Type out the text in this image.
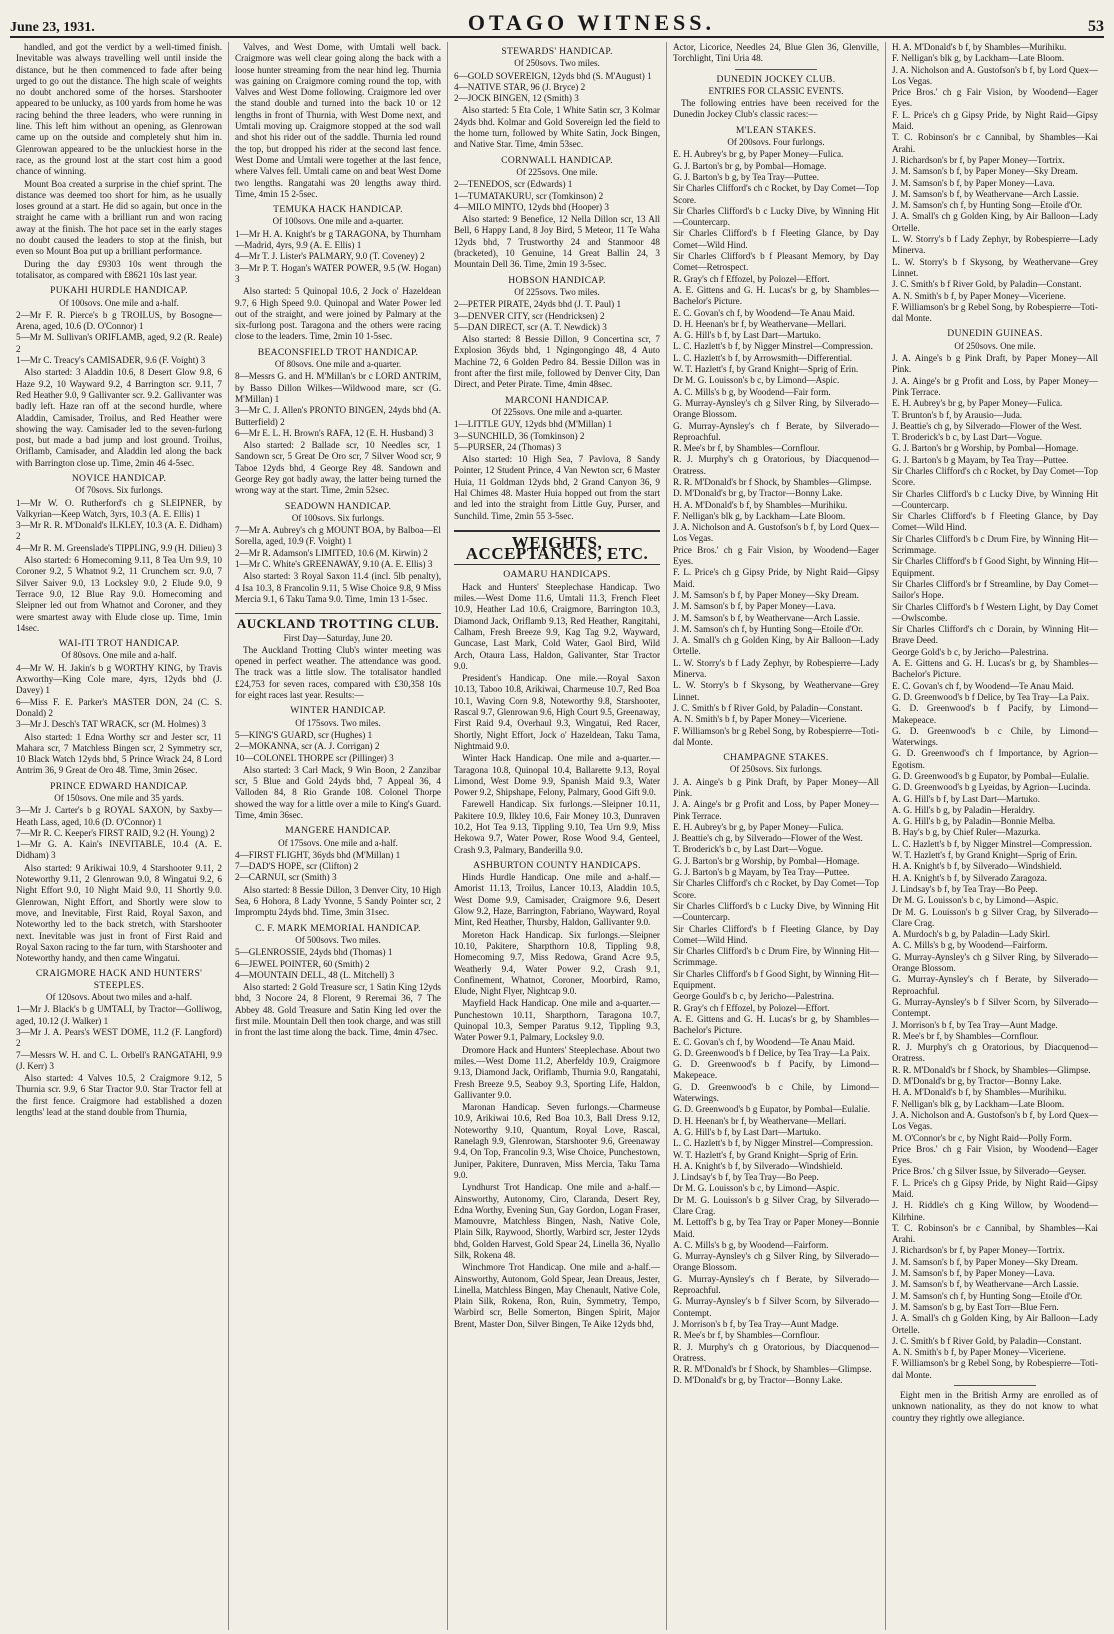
June 23, 1931.	OTAGO WITNESS.	53

handled, and got the verdict by a well-timed finish. Inevitable was always travelling well until inside the distance, but he then commenced to fade after being urged to go out the distance. The high scale of weights no doubt anchored some of the horses. Starshooter appeared to be unlucky, as 100 yards from home he was racing behind the three leaders, who were running in line. This left him without an opening, as Glenrowan came up on the outside and completely shut him in. Glenrowan appeared to be the unluckiest horse in the race, as the ground lost at the start cost him a good chance of winning.

Mount Boa created a surprise in the chief sprint. The distance was deemed too short for him, as he usually loses ground at a start. He did so again, but once in the straight he came with a brilliant run and won racing away at the finish. The hot pace set in the early stages no doubt caused the leaders to stop at the finish, but even so Mount Boa put up a brilliant performance.

During the day £9303 10s went through the totalisator, as compared with £8621 10s last year.

PUKAHI HURDLE HANDICAP.
Of 100sovs. One mile and a-half.

2—Mr F. R. Pierce's b g TROILUS, by Bosogne—Arena, aged, 10.6 (D. O'Connor) 1
5—Mr M. Sullivan's ORIFLAMB, aged, 9.2 (R. Reale) 2
1—Mr C. Treacy's CAMISADER, 9.6 (F. Voight) 3

Also started: 3 Aladdin 10.6, 8 Desert Glow 9.8, 6 Haze 9.2, 10 Wayward 9.2, 4 Barrington scr. 9.11, 7 Red Heather 9.0, 9 Gallivanter scr. 9.2. Gallivanter was badly left. Haze ran off at the second hurdle, where Aladdin, Camisader, Troilus, and Red Heather were showing the way. Camisader led to the seven-furlong post, but made a bad jump and lost ground. Troilus, Oriflamb, Camisader, and Aladdin led along the back with Barrington close up. Time, 2min 46 4-5sec.

NOVICE HANDICAP.
Of 70sovs. Six furlongs.

1—Mr W. O. Rutherford's ch g SLEIPNER, by Valkyrian—Keep Watch, 3yrs, 10.3 (A. E. Ellis) 1
3—Mr R. R. M'Donald's ILKLEY, 10.3 (A. E. Didham) 2
4—Mr R. M. Greenslade's TIPPLING, 9.9 (H. Dilieu) 3

Also started: 6 Homecoming 9.11, 8 Tea Urn 9.9, 10 Coroner 9.2, 5 Whatnot 9.2, 11 Crunchem scr. 9.0, 7 Silver Saiver 9.0, 13 Locksley 9.0, 2 Elude 9.0, 9 Terrace 9.0, 12 Blue Ray 9.0. Homecoming and Sleipner led out from Whatnot and Coroner, and they were smartest away with Elude close up. Time, 1min 14sec.

WAI-ITI TROT HANDICAP.
Of 80sovs. One mile and a-half.

4—Mr W. H. Jakin's b g WORTHY KING, by Travis Axworthy—King Cole mare, 4yrs, 12yds bhd (J. Davey) 1
6—Miss F. E. Parker's MASTER DON, 24 (C. S. Donald) 2
3—Mr J. Desch's TAT WRACK, scr (M. Holmes) 3

Also started: 1 Edna Worthy scr and Jester scr, 11 Mahara scr, 7 Matchless Bingen scr, 2 Symmetry scr, 10 Black Watch 12yds bhd, 5 Prince Wrack 24, 8 Lord Antrim 36, 9 Great de Oro 48. Time, 3min 26sec.

PRINCE EDWARD HANDICAP.
Of 150sovs. One mile and 35 yards.

3—Mr J. Carter's b g ROYAL SAXON, by Saxby—Heath Lass, aged, 10.6 (D. O'Connor) 1
7—Mr R. C. Keeper's FIRST RAID, 9.2 (H. Young) 2
1—Mr G. A. Kain's INEVITABLE, 10.4 (A. E. Didham) 3

Also started: 9 Arikiwai 10.9, 4 Starshooter 9.11, 2 Noteworthy 9.11, 2 Glenrowan 9.0, 8 Wingatui 9.2, 6 Night Effort 9.0, 10 Night Maid 9.0, 11 Shortly 9.0. Glenrowan, Night Effort, and Shortly were slow to move, and Inevitable, First Raid, Royal Saxon, and Noteworthy led to the back stretch, with Starshooter next. Inevitable was just in front of First Raid and Royal Saxon racing to the far turn, with Starshooter and Noteworthy handy, and then came Wingatui.

CRAIGMORE HACK AND HUNTERS' STEEPLES.
Of 120sovs. About two miles and a-half.

1—Mr J. Black's b g UMTALI, by Tractor—Golliwog, aged, 10.12 (J. Walker) 1
3—Mr J. A. Pears's WEST DOME, 11.2 (F. Langford) 2
7—Messrs W. H. and C. L. Orbell's RANGATAHI, 9.9 (J. Kerr) 3

Also started: 4 Valves 10.5, 2 Craigmore 9.12, 5 Thurnia scr. 9.9, 6 Star Tractor 9.0. Star Tractor fell at the first fence. Craigmore had established a dozen lengths' lead at the stand double from Thurnia,

Valves, and West Dome, with Umtali well back. Craigmore was well clear going along the back with a loose hunter streaming from the near hind leg. Thurnia was gaining on Craigmore coming round the top, with Valves and West Dome following. Craigmore led over the stand double and turned into the back 10 or 12 lengths in front of Thurnia, with West Dome next, and Umtali moving up. Craigmore stopped at the sod wall and shot his rider out of the saddle. Thurnia led round the top, but dropped his rider at the second last fence. West Dome and Umtali were together at the last fence, where Valves fell. Umtali came on and beat West Dome two lengths. Rangatahi was 20 lengths away third. Time, 4min 15 2-5sec.

TEMUKA HACK HANDICAP.
Of 100sovs. One mile and a-quarter.

1—Mr H. A. Knight's br g TARAGONA, by Thurnham—Madrid, 4yrs, 9.9 (A. E. Ellis) 1
4—Mr T. J. Lister's PALMARY, 9.0 (T. Coveney) 2
3—Mr P. T. Hogan's WATER POWER, 9.5 (W. Hogan) 3

Also started: 5 Quinopal 10.6, 2 Jock o' Hazeldean 9.7, 6 High Speed 9.0. Quinopal and Water Power led out of the straight, and were joined by Palmary at the six-furlong post. Taragona and the others were racing close to the leaders. Time, 2min 10 1-5sec.

BEACONSFIELD TROT HANDICAP.
Of 80sovs. One mile and a-quarter.

8—Messrs G. and H. M'Millan's br c LORD ANTRIM, by Basso Dillon Wilkes—Wildwood mare, scr (G. M'Millan) 1
3—Mr C. J. Allen's PRONTO BINGEN, 24yds bhd (A. Butterfield) 2
6—Mr E. L. H. Brown's RAFA, 12 (E. H. Husband) 3

Also started: 2 Ballade scr, 10 Needles scr, 1 Sandown scr, 5 Great De Oro scr, 7 Silver Wood scr, 9 Taboe 12yds bhd, 4 George Rey 48. Sandown and George Rey got badly away, the latter being turned the wrong way at the start. Time, 2min 52sec.

SEADOWN HANDICAP.
Of 100sovs. Six furlongs.

7—Mr A. Aubrey's ch g MOUNT BOA, by Balboa—El Sorella, aged, 10.9 (F. Voight) 1
2—Mr R. Adamson's LIMITED, 10.6 (M. Kirwin) 2
1—Mr C. White's GREENAWAY, 9.10 (A. E. Ellis) 3

Also started: 3 Royal Saxon 11.4 (incl. 5lb penalty), 4 Isa 10.3, 8 Francolin 9.11, 5 Wise Choice 9.8, 9 Miss Mercia 9.1, 6 Taku Tama 9.0. Time, 1min 13 1-5sec.

AUCKLAND TROTTING CLUB.
First Day—Saturday, June 20.

The Auckland Trotting Club's winter meeting was opened in perfect weather. The attendance was good. The track was a little slow. The totalisator handled £24,753 for seven races, compared with £30,358 10s for eight races last year. Results:—

WINTER HANDICAP.
Of 175sovs. Two miles.

5—KING'S GUARD, scr (Hughes) 1
2—MOKANNA, scr (A. J. Corrigan) 2
10—COLONEL THORPE scr (Pillinger) 3

Also started: 3 Carl Mack, 9 Win Boon, 2 Zanzibar scr, 5 Blue and Gold 24yds bhd, 7 Appeal 36, 4 Valloden 84, 8 Rio Grande 108. Colonel Thorpe showed the way for a little over a mile to King's Guard. Time, 4min 36sec.

MANGERE HANDICAP.
Of 175sovs. One mile and a-half.

4—FIRST FLIGHT, 36yds bhd (M'Millan) 1
7—DAD'S HOPE, scr (Clifton) 2
2—CARNUI, scr (Smith) 3

Also started: 8 Bessie Dillon, 3 Denver City, 10 High Sea, 6 Hohora, 8 Lady Yvonne, 5 Sandy Pointer scr, 2 Impromptu 24yds bhd. Time, 3min 31sec.

C. F. MARK MEMORIAL HANDICAP.
Of 500sovs. Two miles.

5—GLENROSSIE, 24yds bhd (Thomas) 1
6—JEWEL POINTER, 60 (Smith) 2
4—MOUNTAIN DELL, 48 (L. Mitchell) 3

Also started: 2 Gold Treasure scr, 1 Satin King 12yds bhd, 3 Nocore 24, 8 Florent, 9 Reremai 36, 7 The Abbey 48. Gold Treasure and Satin King led over the first mile. Mountain Dell then took charge, and was still in front the last time along the back. Time, 4min 47sec.

STEWARDS' HANDICAP.
Of 250sovs. Two miles.

6—GOLD SOVEREIGN, 12yds bhd (S. M'August) 1
4—NATIVE STAR, 96 (J. Bryce) 2
2—JOCK BINGEN, 12 (Smith) 3

Also started: 5 Eta Cole, 1 White Satin scr, 3 Kolmar 24yds bhd. Kolmar and Gold Sovereign led the field to the home turn, followed by White Satin, Jock Bingen, and Native Star. Time, 4min 53sec.

CORNWALL HANDICAP.
Of 225sovs. One mile.

2—TENEDOS, scr (Edwards) 1
1—TUMATAKURU, scr (Tomkinson) 2
4—MILO MINTO, 12yds bhd (Hooper) 3

Also started: 9 Benefice, 12 Nella Dillon scr, 13 All Bell, 6 Happy Land, 8 Joy Bird, 5 Meteor, 11 Te Waha 12yds bhd, 7 Trustworthy 24 and Stanmoor 48 (bracketed), 10 Genuine, 14 Great Ballin 24, 3 Mountain Dell 36. Time, 2min 19 3-5sec.

HOBSON HANDICAP.
Of 225sovs. Two miles.

2—PETER PIRATE, 24yds bhd (J. T. Paul) 1
3—DENVER CITY, scr (Hendricksen) 2
5—DAN DIRECT, scr (A. T. Newdick) 3

Also started: 8 Bessie Dillon, 9 Concertina scr, 7 Explosion 36yds bhd, 1 Ngingongingo 48, 4 Auto Machine 72, 6 Golden Pedro 84. Bessie Dillon was in front after the first mile, followed by Denver City, Dan Direct, and Peter Pirate. Time, 4min 48sec.

MARCONI HANDICAP.
Of 225sovs. One mile and a-quarter.

1—LITTLE GUY, 12yds bhd (M'Millan) 1
3—SUNCHILD, 36 (Tomkinson) 2
5—PURSER, 24 (Thomas) 3

Also started: 10 High Sea, 7 Pavlova, 8 Sandy Pointer, 12 Student Prince, 4 Van Newton scr, 6 Master Huia, 11 Goldman 12yds bhd, 2 Grand Canyon 36, 9 Hal Chimes 48. Master Huia hopped out from the start and led into the straight from Little Guy, Purser, and Sunchild. Time, 2min 55 3-5sec.

WEIGHTS, ACCEPTANCES, ETC.
OAMARU HANDICAPS.

Hack and Hunters' Steeplechase Handicap. Two miles.—West Dome 11.6, Umtali 11.3, French Fleet 10.9, Heather Lad 10.6, Craigmore, Barrington 10.3, Diamond Jack, Oriflamb 9.13, Red Heather, Rangitahi, Calham, Fresh Breeze 9.9, Kag Tag 9.2, Wayward, Guncase, Last Mark, Cold Water, Gaol Bird, Wild Arch, Otaura Lass, Haldon, Galivanter, Star Tractor 9.0.

President's Handicap. One mile.—Royal Saxon 10.13, Taboo 10.8, Arikiwai, Charmeuse 10.7, Red Boa 10.1, Waving Corn 9.8, Noteworthy 9.8, Starshooter, Rascal 9.7, Glenrowan 9.6, High Court 9.5, Greenaway, First Raid 9.4, Overhaul 9.3, Wingatui, Red Racer, Shortly, Night Effort, Jock o' Hazeldean, Taku Tama, Nightmaid 9.0.

Winter Hack Handicap. One mile and a-quarter.—Taragona 10.8, Quinopal 10.4, Ballarette 9.13, Royal Limond, West Dome 9.9, Spanish Maid 9.3, Water Power 9.2, Shipshape, Felony, Palmary, Good Gift 9.0.

Farewell Handicap. Six furlongs.—Sleipner 10.11, Pakitere 10.9, Ilkley 10.6, Fair Money 10.3, Dunraven 10.2, Hot Tea 9.13, Tippling 9.10, Tea Urn 9.9, Miss Hekowa 9.7, Water Power, Rose Wood 9.4, Genteel, Crash 9.3, Palmary, Banderilla 9.0.

ASHBURTON COUNTY HANDICAPS.

Hinds Hurdle Handicap. One mile and a-half.—Amorist 11.13, Troilus, Lancer 10.13, Aladdin 10.5, West Dome 9.9, Camisader, Craigmore 9.6, Desert Glow 9.2, Haze, Barrington, Fabriano, Wayward, Royal Mint, Red Heather, Thursby, Haldon, Gallivanter 9.0.

Moreton Hack Handicap. Six furlongs.—Sleipner 10.10, Pakitere, Sharpthorn 10.8, Tippling 9.8, Homecoming 9.7, Miss Redowa, Grand Acre 9.5, Weatherly 9.4, Water Power 9.2, Crash 9.1, Confinement, Whatnot, Coroner, Moorbird, Ramo, Elude, Night Flyer, Nightcap 9.0.

Mayfield Hack Handicap. One mile and a-quarter.—Punchestown 10.11, Sharpthorn, Taragona 10.7, Quinopal 10.3, Semper Paratus 9.12, Tippling 9.3, Water Power 9.1, Palmary, Locksley 9.0.

Dromore Hack and Hunters' Steeplechase. About two miles.—West Dome 11.2, Aberfeldy 10.9, Craigmore 9.13, Diamond Jack, Oriflamb, Thurnia 9.0, Rangatahi, Fresh Breeze 9.5, Seaboy 9.3, Sporting Life, Haldon, Gallivanter 9.0.

Maronan Handicap. Seven furlongs.—Charmeuse 10.9, Arikiwai 10.6, Red Boa 10.3, Ball Dress 9.12, Noteworthy 9.10, Quantum, Royal Love, Rascal, Ranelagh 9.9, Glenrowan, Starshooter 9.6, Greenaway 9.4, On Top, Francolin 9.3, Wise Choice, Punchestown, Juniper, Pakitere, Dunraven, Miss Mercia, Taku Tama 9.0.

Lyndhurst Trot Handicap. One mile and a-half.—Ainsworthy, Autonomy, Ciro, Claranda, Desert Rey, Edna Worthy, Evening Sun, Gay Gordon, Logan Fraser, Mamouvre, Matchless Bingen, Nash, Native Cole, Plain Silk, Raywood, Shortly, Warbird scr, Jester 12yds bhd, Golden Harvest, Gold Spear 24, Linella 36, Nyallo Silk, Rokena 48.

Winchmore Trot Handicap. One mile and a-half.—Ainsworthy, Autonom, Gold Spear, Jean Dreaus, Jester, Linella, Matchless Bingen, May Chenault, Native Cole, Plain Silk, Rokena, Ron, Ruin, Symmetry, Tempo, Warbird scr, Belle Somerton, Bingen Spirit, Major Brent, Master Don, Silver Bingen, Te Aike 12yds bhd,

Actor, Licorice, Needles 24, Blue Glen 36, Glenville, Torchlight, Tini Uria 48.

DUNEDIN JOCKEY CLUB.
ENTRIES FOR CLASSIC EVENTS.

The following entries have been received for the Dunedin Jockey Club's classic races:—

M'LEAN STAKES.
Of 200sovs. Four furlongs.

E. H. Aubrey's br g, by Paper Money—Fulica.
G. J. Barton's br g, by Pombal—Homage.
G. J. Barton's b g, by Tea Tray—Puttee.
Sir Charles Clifford's ch c Rocket, by Day Comet—Top Score.
Sir Charles Clifford's b c Lucky Dive, by Winning Hit—Countercarp.
Sir Charles Clifford's b f Fleeting Glance, by Day Comet—Wild Hind.
Sir Charles Clifford's b f Pleasant Memory, by Day Comet—Retrospect.
R. Gray's ch f Effozel, by Polozel—Effort.
A. E. Gittens and G. H. Lucas's br g, by Shambles—Bachelor's Picture.
E. C. Govan's ch f, by Woodend—Te Anau Maid.
D. H. Heenan's br f, by Weathervane—Mellari.
A. G. Hill's b f, by Last Dart—Martuko.
L. C. Hazlett's b f, by Nigger Minstrel—Compression.
L. C. Hazlett's b f, by Arrowsmith—Differential.
W. T. Hazlett's f, by Grand Knight—Sprig of Erin.
Dr M. G. Louisson's b c, by Limond—Aspic.
A. C. Mills's b g, by Woodend—Fair form.
G. Murray-Aynsley's ch g Silver Ring, by Silverado—Orange Blossom.
G. Murray-Aynsley's ch f Berate, by Silverado—Reproachful.
R. Mee's br f, by Shambles—Cornflour.
R. J. Murphy's ch g Oratorious, by Diacquenod—Oratress.
R. R. M'Donald's br f Shock, by Shambles—Glimpse.
D. M'Donald's br g, by Tractor—Bonny Lake.
H. A. M'Donald's b f, by Shambles—Murihiku.
F. Nelligan's blk g, by Lackham—Late Bloom.
J. A. Nicholson and A. Gustofson's b f, by Lord Quex—Los Vegas.
Price Bros.' ch g Fair Vision, by Woodend—Eager Eyes.
F. L. Price's ch g Gipsy Pride, by Night Raid—Gipsy Maid.
J. M. Samson's b f, by Paper Money—Sky Dream.
J. M. Samson's b f, by Paper Money—Lava.
J. M. Samson's b f, by Weathervane—Arch Lassie.
J. M. Samson's ch f, by Hunting Song—Etoile d'Or.
J. A. Small's ch g Golden King, by Air Balloon—Lady Ortelle.
L. W. Storry's b f Lady Zephyr, by Robespierre—Lady Minerva.
L. W. Storry's b f Skysong, by Weathervane—Grey Linnet.
J. C. Smith's b f River Gold, by Paladin—Constant.
A. N. Smith's b f, by Paper Money—Viceriene.
F. Williamson's br g Rebel Song, by Robespierre—Toti-dal Monte.

CHAMPAGNE STAKES.
Of 250sovs. Six furlongs.

J. A. Ainge's b g Pink Draft, by Paper Money—All Pink.
J. A. Ainge's br g Profit and Loss, by Paper Money—Pink Terrace.
E. H. Aubrey's br g, by Paper Money—Fulica.
J. Beattie's ch g, by Silverado—Flower of the West.
T. Broderick's b c, by Last Dart—Vogue.
G. J. Barton's br g Worship, by Pombal—Homage.
G. J. Barton's b g Mayam, by Tea Tray—Puttee.
Sir Charles Clifford's ch c Rocket, by Day Comet—Top Score.
Sir Charles Clifford's b c Lucky Dive, by Winning Hit—Countercarp.
Sir Charles Clifford's b f Fleeting Glance, by Day Comet—Wild Hind.
Sir Charles Clifford's b c Drum Fire, by Winning Hit—Scrimmage.
Sir Charles Clifford's b f Good Sight, by Winning Hit—Equipment.
George Gould's b c, by Jericho—Palestrina.
R. Gray's ch f Effozel, by Polozel—Effort.
A. E. Gittens and G. H. Lucas's br g, by Shambles—Bachelor's Picture.
E. C. Govan's ch f, by Woodend—Te Anau Maid.
G. D. Greenwood's b f Delice, by Tea Tray—La Paix.
G. D. Greenwood's b f Pacify, by Limond—Makepeace.
G. D. Greenwood's b c Chile, by Limond—Waterwings.
G. D. Greenwood's b g Eupator, by Pombal—Eulalie.
D. H. Heenan's br f, by Weathervane—Mellari.
A. G. Hill's b f, by Last Dart—Martuko.
L. C. Hazlett's b f, by Nigger Minstrel—Compression.
W. T. Hazlett's f, by Grand Knight—Sprig of Erin.
H. A. Knight's b f, by Silverado—Windshield.
J. Lindsay's b f, by Tea Tray—Bo Peep.
Dr M. G. Louisson's b c, by Limond—Aspic.
Dr M. G. Louisson's b g Silver Crag, by Silverado—Clare Crag.
M. Lettoff's b g, by Tea Tray or Paper Money—Bonnie Maid.
A. C. Mills's b g, by Woodend—Fairform.
G. Murray-Aynsley's ch g Silver Ring, by Silverado—Orange Blossom.
G. Murray-Aynsley's ch f Berate, by Silverado—Reproachful.
G. Murray-Aynsley's b f Silver Scorn, by Silverado—Contempt.
J. Morrison's b f, by Tea Tray—Aunt Madge.
R. Mee's br f, by Shambles—Cornflour.
R. J. Murphy's ch g Oratorious, by Diacquenod—Oratress.
R. R. M'Donald's br f Shock, by Shambles—Glimpse.
D. M'Donald's br g, by Tractor—Bonny Lake.

H. A. M'Donald's b f, by Shambles—Murihiku.
F. Nelligan's blk g, by Lackham—Late Bloom.
J. A. Nicholson and A. Gustofson's b f, by Lord Quex—Los Vegas.
Price Bros.' ch g Fair Vision, by Woodend—Eager Eyes.
F. L. Price's ch g Gipsy Pride, by Night Raid—Gipsy Maid.
T. C. Robinson's br c Cannibal, by Shambles—Kai Arahi.
J. Richardson's br f, by Paper Money—Tortrix.
J. M. Samson's b f, by Paper Money—Sky Dream.
J. M. Samson's b f, by Paper Money—Lava.
J. M. Samson's b f, by Weathervane—Arch Lassie.
J. M. Samson's ch f, by Hunting Song—Etoile d'Or.
J. A. Small's ch g Golden King, by Air Balloon—Lady Ortelle.
L. W. Storry's b f Lady Zephyr, by Robespierre—Lady Minerva.
L. W. Storry's b f Skysong, by Weathervane—Grey Linnet.
J. C. Smith's b f River Gold, by Paladin—Constant.
A. N. Smith's b f, by Paper Money—Viceriene.
F. Williamson's br g Rebel Song, by Robespierre—Toti-dal Monte.

DUNEDIN GUINEAS.
Of 250sovs. One mile.

J. A. Ainge's b g Pink Draft, by Paper Money—All Pink.
J. A. Ainge's br g Profit and Loss, by Paper Money—Pink Terrace.
E. H. Aubrey's br g, by Paper Money—Fulica.
T. Brunton's b f, by Arausio—Juda.
J. Beattie's ch g, by Silverado—Flower of the West.
T. Broderick's b c, by Last Dart—Vogue.
G. J. Barton's br g Worship, by Pombal—Homage.
G. J. Barton's b g Mayam, by Tea Tray—Puttee.
Sir Charles Clifford's ch c Rocket, by Day Comet—Top Score.
Sir Charles Clifford's b c Lucky Dive, by Winning Hit—Countercarp.
Sir Charles Clifford's b f Fleeting Glance, by Day Comet—Wild Hind.
Sir Charles Clifford's b c Drum Fire, by Winning Hit—Scrimmage.
Sir Charles Clifford's b f Good Sight, by Winning Hit—Equipment.
Sir Charles Clifford's br f Streamline, by Day Comet—Sailor's Hope.
Sir Charles Clifford's b f Western Light, by Day Comet—Owlscombe.
Sir Charles Clifford's ch c Dorain, by Winning Hit—Brave Deed.
George Gold's b c, by Jericho—Palestrina.
A. E. Gittens and G. H. Lucas's br g, by Shambles—Bachelor's Picture.
E. C. Govan's ch f, by Woodend—Te Anau Maid.
G. D. Greenwood's b f Delice, by Tea Tray—La Paix.
G. D. Greenwood's b f Pacify, by Limond—Makepeace.
G. D. Greenwood's b c Chile, by Limond—Waterwings.
G. D. Greenwood's ch f Importance, by Agrion—Egotism.
G. D. Greenwood's b g Eupator, by Pombal—Eulalie.
G. D. Greenwood's b g Lyeidas, by Agrion—Lucinda.
A. G. Hill's b f, by Last Dart—Martuko.
A. G. Hill's b g, by Paladin—Heraldry.
A. G. Hill's b g, by Paladin—Bonnie Melba.
B. Hay's b g, by Chief Ruler—Mazurka.
L. C. Hazlett's b f, by Nigger Minstrel—Compression.
W. T. Hazlett's f, by Grand Knight—Sprig of Erin.
H. A. Knight's b f, by Silverado—Windshield.
H. A. Knight's b f, by Silverado Zaragoza.
J. Lindsay's b f, by Tea Tray—Bo Peep.
Dr M. G. Louisson's b c, by Limond—Aspic.
Dr M. G. Louisson's b g Silver Crag, by Silverado—Clare Crag.
A. Murdoch's b g, by Paladin—Lady Skirl.
A. C. Mills's b g, by Woodend—Fairform.
G. Murray-Aynsley's ch g Silver Ring, by Silverado—Orange Blossom.
G. Murray-Aynsley's ch f Berate, by Silverado—Reproachful.
G. Murray-Aynsley's b f Silver Scorn, by Silverado—Contempt.
J. Morrison's b f, by Tea Tray—Aunt Madge.
R. Mee's br f, by Shambles—Cornflour.
R. J. Murphy's ch g Oratorious, by Diacquenod—Oratress.
R. R. M'Donald's br f Shock, by Shambles—Glimpse.
D. M'Donald's br g, by Tractor—Bonny Lake.
H. A. M'Donald's b f, by Shambles—Murihiku.
F. Nelligan's blk g, by Lackham—Late Bloom.
J. A. Nicholson and A. Gustofson's b f, by Lord Quex—Los Vegas.
M. O'Connor's br c, by Night Raid—Polly Form.
Price Bros.' ch g Fair Vision, by Woodend—Eager Eyes.
Price Bros.' ch g Silver Issue, by Silverado—Geyser.
F. L. Price's ch g Gipsy Pride, by Night Raid—Gipsy Maid.
J. H. Riddle's ch g King Willow, by Woodend—Kilrhine.
T. C. Robinson's br c Cannibal, by Shambles—Kai Arahi.
J. Richardson's br f, by Paper Money—Tortrix.
J. M. Samson's b f, by Paper Money—Sky Dream.
J. M. Samson's b f, by Paper Money—Lava.
J. M. Samson's b f, by Weathervane—Arch Lassie.
J. M. Samson's ch f, by Hunting Song—Etoile d'Or.
J. M. Samson's b g, by East Torr—Blue Fern.
J. A. Small's ch g Golden King, by Air Balloon—Lady Ortelle.
J. C. Smith's b f River Gold, by Paladin—Constant.
A. N. Smith's b f, by Paper Money—Viceriene.
F. Williamson's br g Rebel Song, by Robespierre—Toti-dal Monte.

Eight men in the British Army are enrolled as of unknown nationality, as they do not know to what country they rightly owe allegiance.
